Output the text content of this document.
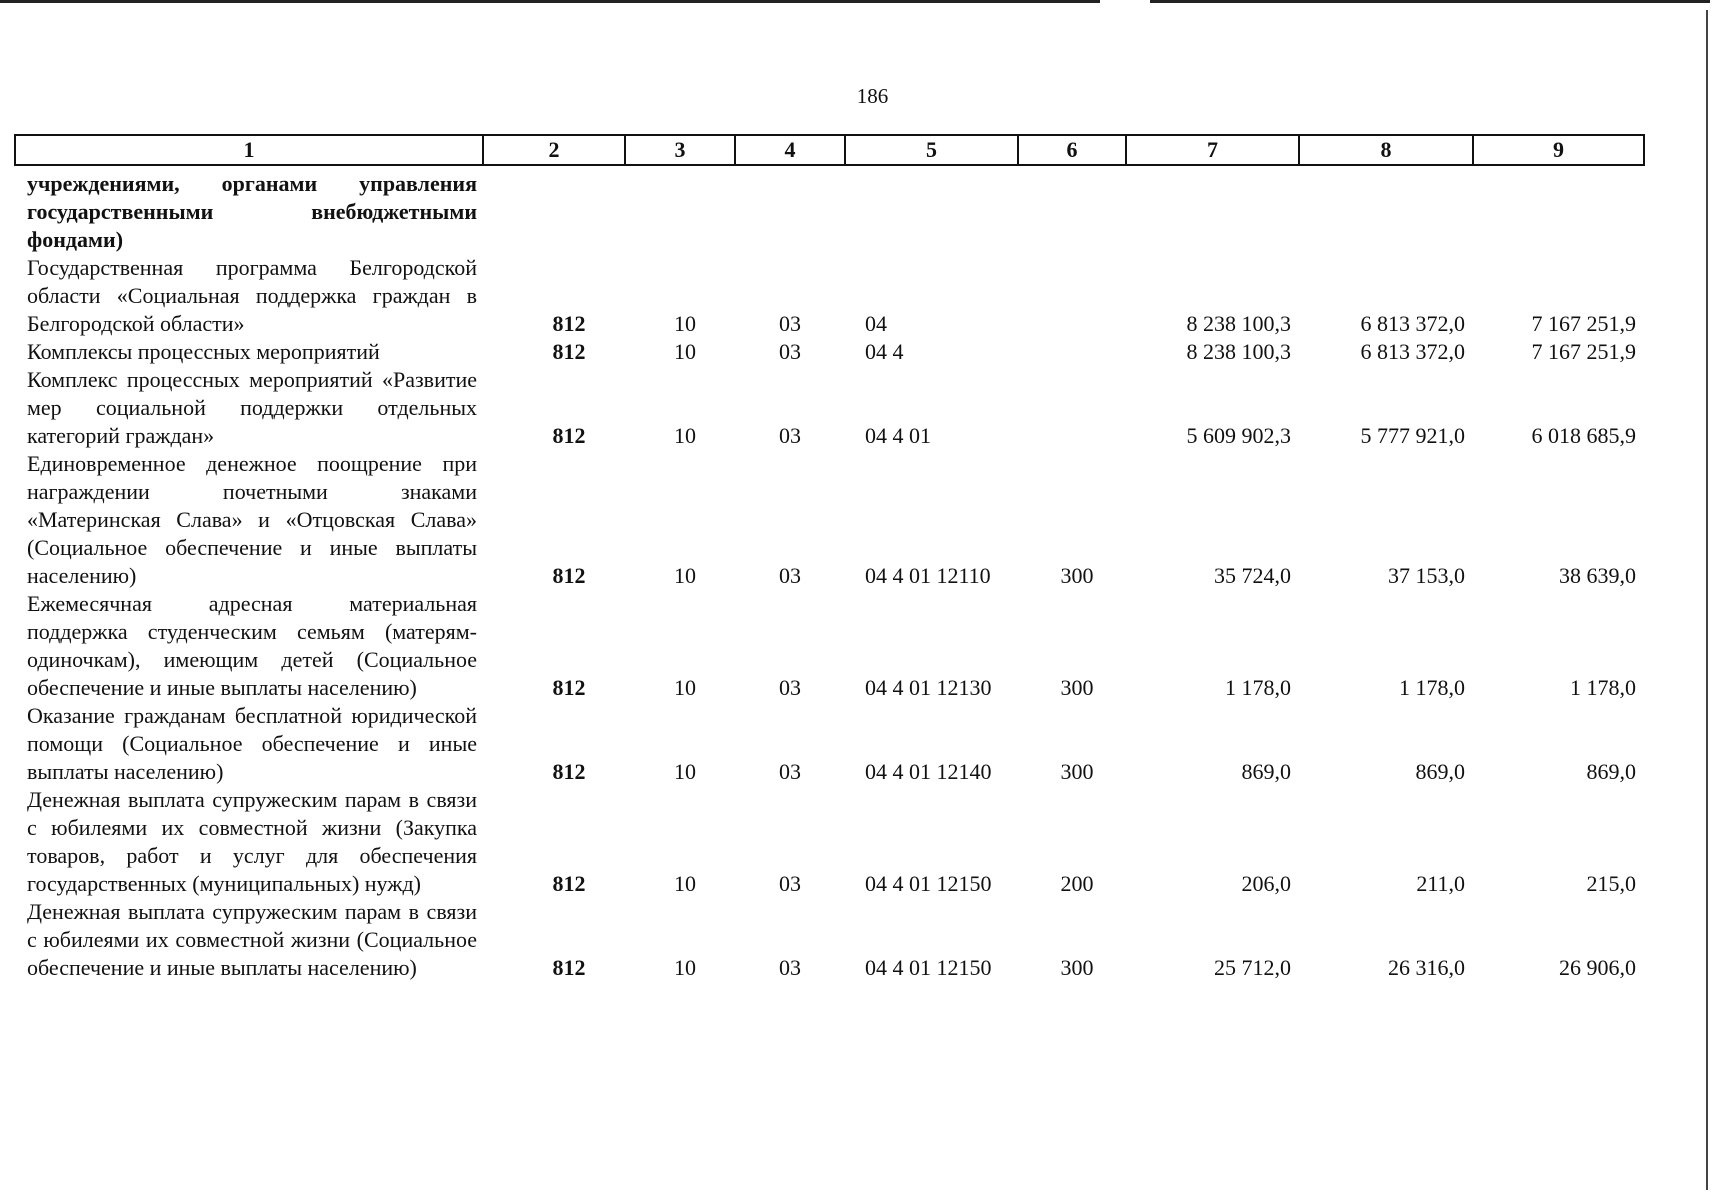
186
1	2	3	4	5	6	7	8	9
учреждениями, органами управления государственными внебюджетными фондами)								
Государственная программа Белгородской области «Социальная поддержка граждан в Белгородской области»	812	10	03	04		8 238 100,3	6 813 372,0	7 167 251,9
Комплексы процессных мероприятий	812	10	03	04 4		8 238 100,3	6 813 372,0	7 167 251,9
Комплекс процессных мероприятий «Развитие мер социальной поддержки отдельных категорий граждан»	812	10	03	04 4 01		5 609 902,3	5 777 921,0	6 018 685,9
Единовременное денежное поощрение при награждении почетными знаками «Материнская Слава» и «Отцовская Слава» (Социальное обеспечение и иные выплаты населению)	812	10	03	04 4 01 12110	300	35 724,0	37 153,0	38 639,0
Ежемесячная адресная материальная поддержка студенческим семьям (матерям-одиночкам), имеющим детей (Социальное обеспечение и иные выплаты населению)	812	10	03	04 4 01 12130	300	1 178,0	1 178,0	1 178,0
Оказание гражданам бесплатной юридической помощи (Социальное обеспечение и иные выплаты населению)	812	10	03	04 4 01 12140	300	869,0	869,0	869,0
Денежная выплата супружеским парам в связи с юбилеями их совместной жизни (Закупка товаров, работ и услуг для обеспечения государственных (муниципальных) нужд)	812	10	03	04 4 01 12150	200	206,0	211,0	215,0
Денежная выплата супружеским парам в связи с юбилеями их совместной жизни (Социальное обеспечение и иные выплаты населению)	812	10	03	04 4 01 12150	300	25 712,0	26 316,0	26 906,0
